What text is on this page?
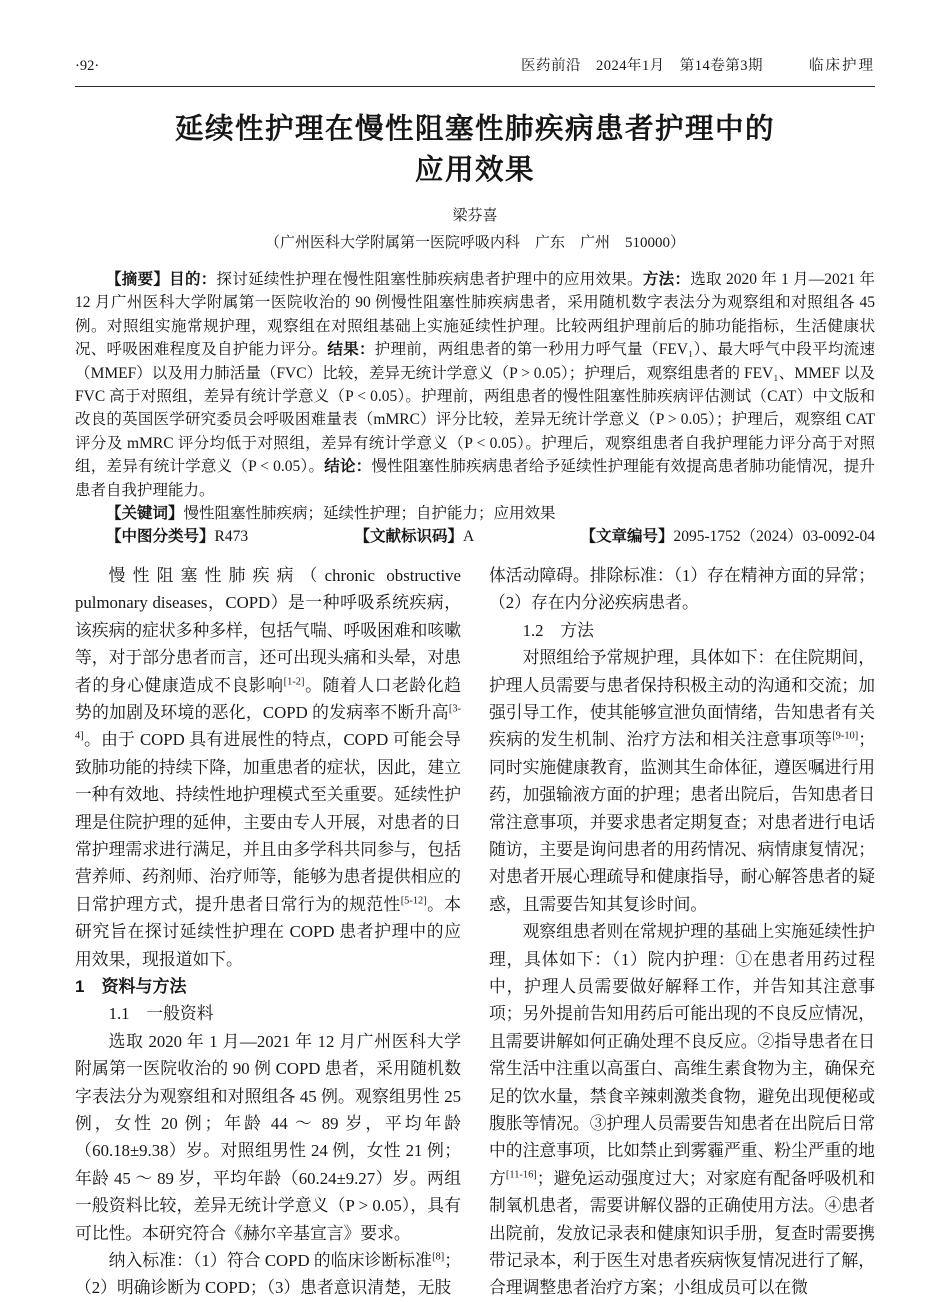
·92·	医药前沿　2024年1月　第14卷第3期	临床护理
延续性护理在慢性阻塞性肺疾病患者护理中的
应用效果
梁芬喜
（广州医科大学附属第一医院呼吸内科　广东　广州　510000）

【摘要】目的：探讨延续性护理在慢性阻塞性肺疾病患者护理中的应用效果。方法：选取 2020 年 1 月—2021 年 12 月广州医科大学附属第一医院收治的 90 例慢性阻塞性肺疾病患者，采用随机数字表法分为观察组和对照组各 45 例。对照组实施常规护理，观察组在对照组基础上实施延续性护理。比较两组护理前后的肺功能指标，生活健康状况、呼吸困难程度及自护能力评分。结果：护理前，两组患者的第一秒用力呼气量（FEV₁）、最大呼气中段平均流速（MMEF）以及用力肺活量（FVC）比较，差异无统计学意义（P > 0.05）；护理后，观察组患者的 FEV₁、MMEF 以及 FVC 高于对照组，差异有统计学意义（P < 0.05）。护理前，两组患者的慢性阻塞性肺疾病评估测试（CAT）中文版和改良的英国医学研究委员会呼吸困难量表（mMRC）评分比较，差异无统计学意义（P > 0.05）；护理后，观察组 CAT 评分及 mMRC 评分均低于对照组，差异有统计学意义（P < 0.05）。护理后，观察组患者自我护理能力评分高于对照组，差异有统计学意义（P < 0.05）。结论：慢性阻塞性肺疾病患者给予延续性护理能有效提高患者肺功能情况，提升患者自我护理能力。

【关键词】慢性阻塞性肺疾病；延续性护理；自护能力；应用效果

【中图分类号】R473	【文献标识码】A	【文章编号】2095-1752（2024）03-0092-04
慢性阻塞性肺疾病（chronic obstructive pulmonary diseases，COPD）是一种呼吸系统疾病，该疾病的症状多种多样，包括气喘、呼吸困难和咳嗽等，对于部分患者而言，还可出现头痛和头晕，对患者的身心健康造成不良影响[1-2]。随着人口老龄化趋势的加剧及环境的恶化，COPD 的发病率不断升高[3-4]。由于 COPD 具有进展性的特点，COPD 可能会导致肺功能的持续下降，加重患者的症状，因此，建立一种有效地、持续性地护理模式至关重要。延续性护理是住院护理的延伸，主要由专人开展，对患者的日常护理需求进行满足，并且由多学科共同参与，包括营养师、药剂师、治疗师等，能够为患者提供相应的日常护理方式，提升患者日常行为的规范性[5-12]。本研究旨在探讨延续性护理在 COPD 患者护理中的应用效果，现报道如下。
1　资料与方法
1.1　一般资料
选取 2020 年 1 月—2021 年 12 月广州医科大学附属第一医院收治的 90 例 COPD 患者，采用随机数字表法分为观察组和对照组各 45 例。观察组男性 25 例，女性 20 例；年龄 44 ～ 89 岁，平均年龄（60.18±9.38）岁。对照组男性 24 例，女性 21 例；年龄 45 ～ 89 岁，平均年龄（60.24±9.27）岁。两组一般资料比较，差异无统计学意义（P > 0.05），具有可比性。本研究符合《赫尔辛基宣言》要求。
纳入标准：（1）符合 COPD 的临床诊断标准[8]；（2）明确诊断为 COPD；（3）患者意识清楚，无肢
体活动障碍。排除标准：（1）存在精神方面的异常；（2）存在内分泌疾病患者。
1.2　方法
对照组给予常规护理，具体如下：在住院期间，护理人员需要与患者保持积极主动的沟通和交流；加强引导工作，使其能够宣泄负面情绪，告知患者有关疾病的发生机制、治疗方法和相关注意事项等[9-10]；同时实施健康教育，监测其生命体征，遵医嘱进行用药，加强输液方面的护理；患者出院后，告知患者日常注意事项，并要求患者定期复查；对患者进行电话随访，主要是询问患者的用药情况、病情康复情况；对患者开展心理疏导和健康指导，耐心解答患者的疑惑，且需要告知其复诊时间。
观察组患者则在常规护理的基础上实施延续性护理，具体如下：（1）院内护理：①在患者用药过程中，护理人员需要做好解释工作，并告知其注意事项；另外提前告知用药后可能出现的不良反应情况，且需要讲解如何正确处理不良反应。②指导患者在日常生活中注重以高蛋白、高维生素食物为主，确保充足的饮水量，禁食辛辣刺激类食物，避免出现便秘或腹胀等情况。③护理人员需要告知患者在出院后日常中的注意事项，比如禁止到雾霾严重、粉尘严重的地方[11-16]；避免运动强度过大；对家庭有配备呼吸机和制氧机患者，需要讲解仪器的正确使用方法。④患者出院前，发放记录表和健康知识手册，复查时需要携带记录本，利于医生对患者疾病恢复情况进行了解，合理调整患者治疗方案；小组成员可以在微
